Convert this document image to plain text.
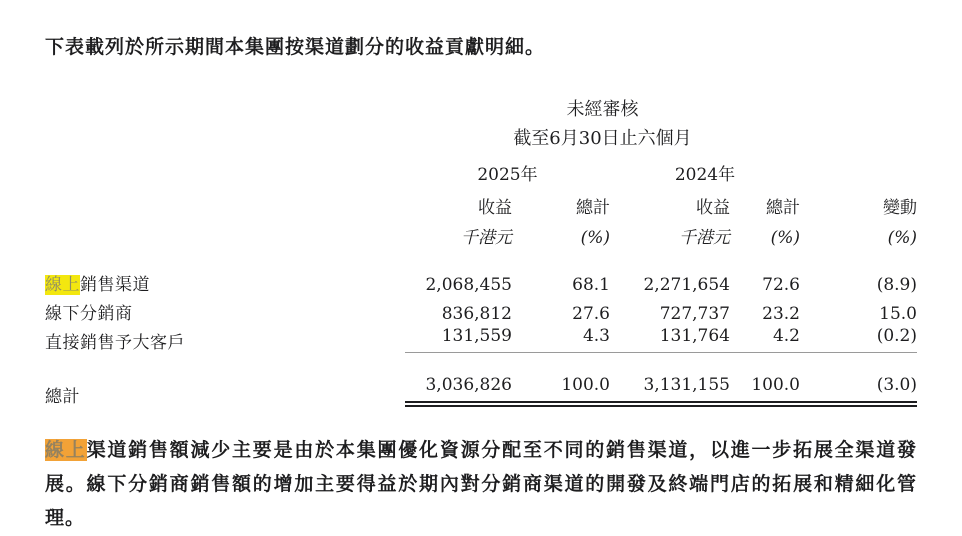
下表載列於所示期間本集團按渠道劃分的收益貢獻明細。

	未經審核				
	截至6月30日止六個月				
	2025年		2024年		
	收益	總計	收益	總計	變動
	千港元	(%)	千港元	(%)	(%)
線上銷售渠道	2,068,455	68.1	2,271,654	72.6	(8.9)

線下分銷商	836,812	27.6	727,737	23.2	15.0

直接銷售予大客戶	131,559	4.3	131,764	4.2	(0.2)

總計	3,036,826	100.0	3,131,155	100.0	(3.0)

線上渠道銷售額減少主要是由於本集團優化資源分配至不同的銷售渠道，以進一步拓展全渠道發展。線下分銷商銷售額的增加主要得益於期內對分銷商渠道的開發及終端門店的拓展和精細化管理。
